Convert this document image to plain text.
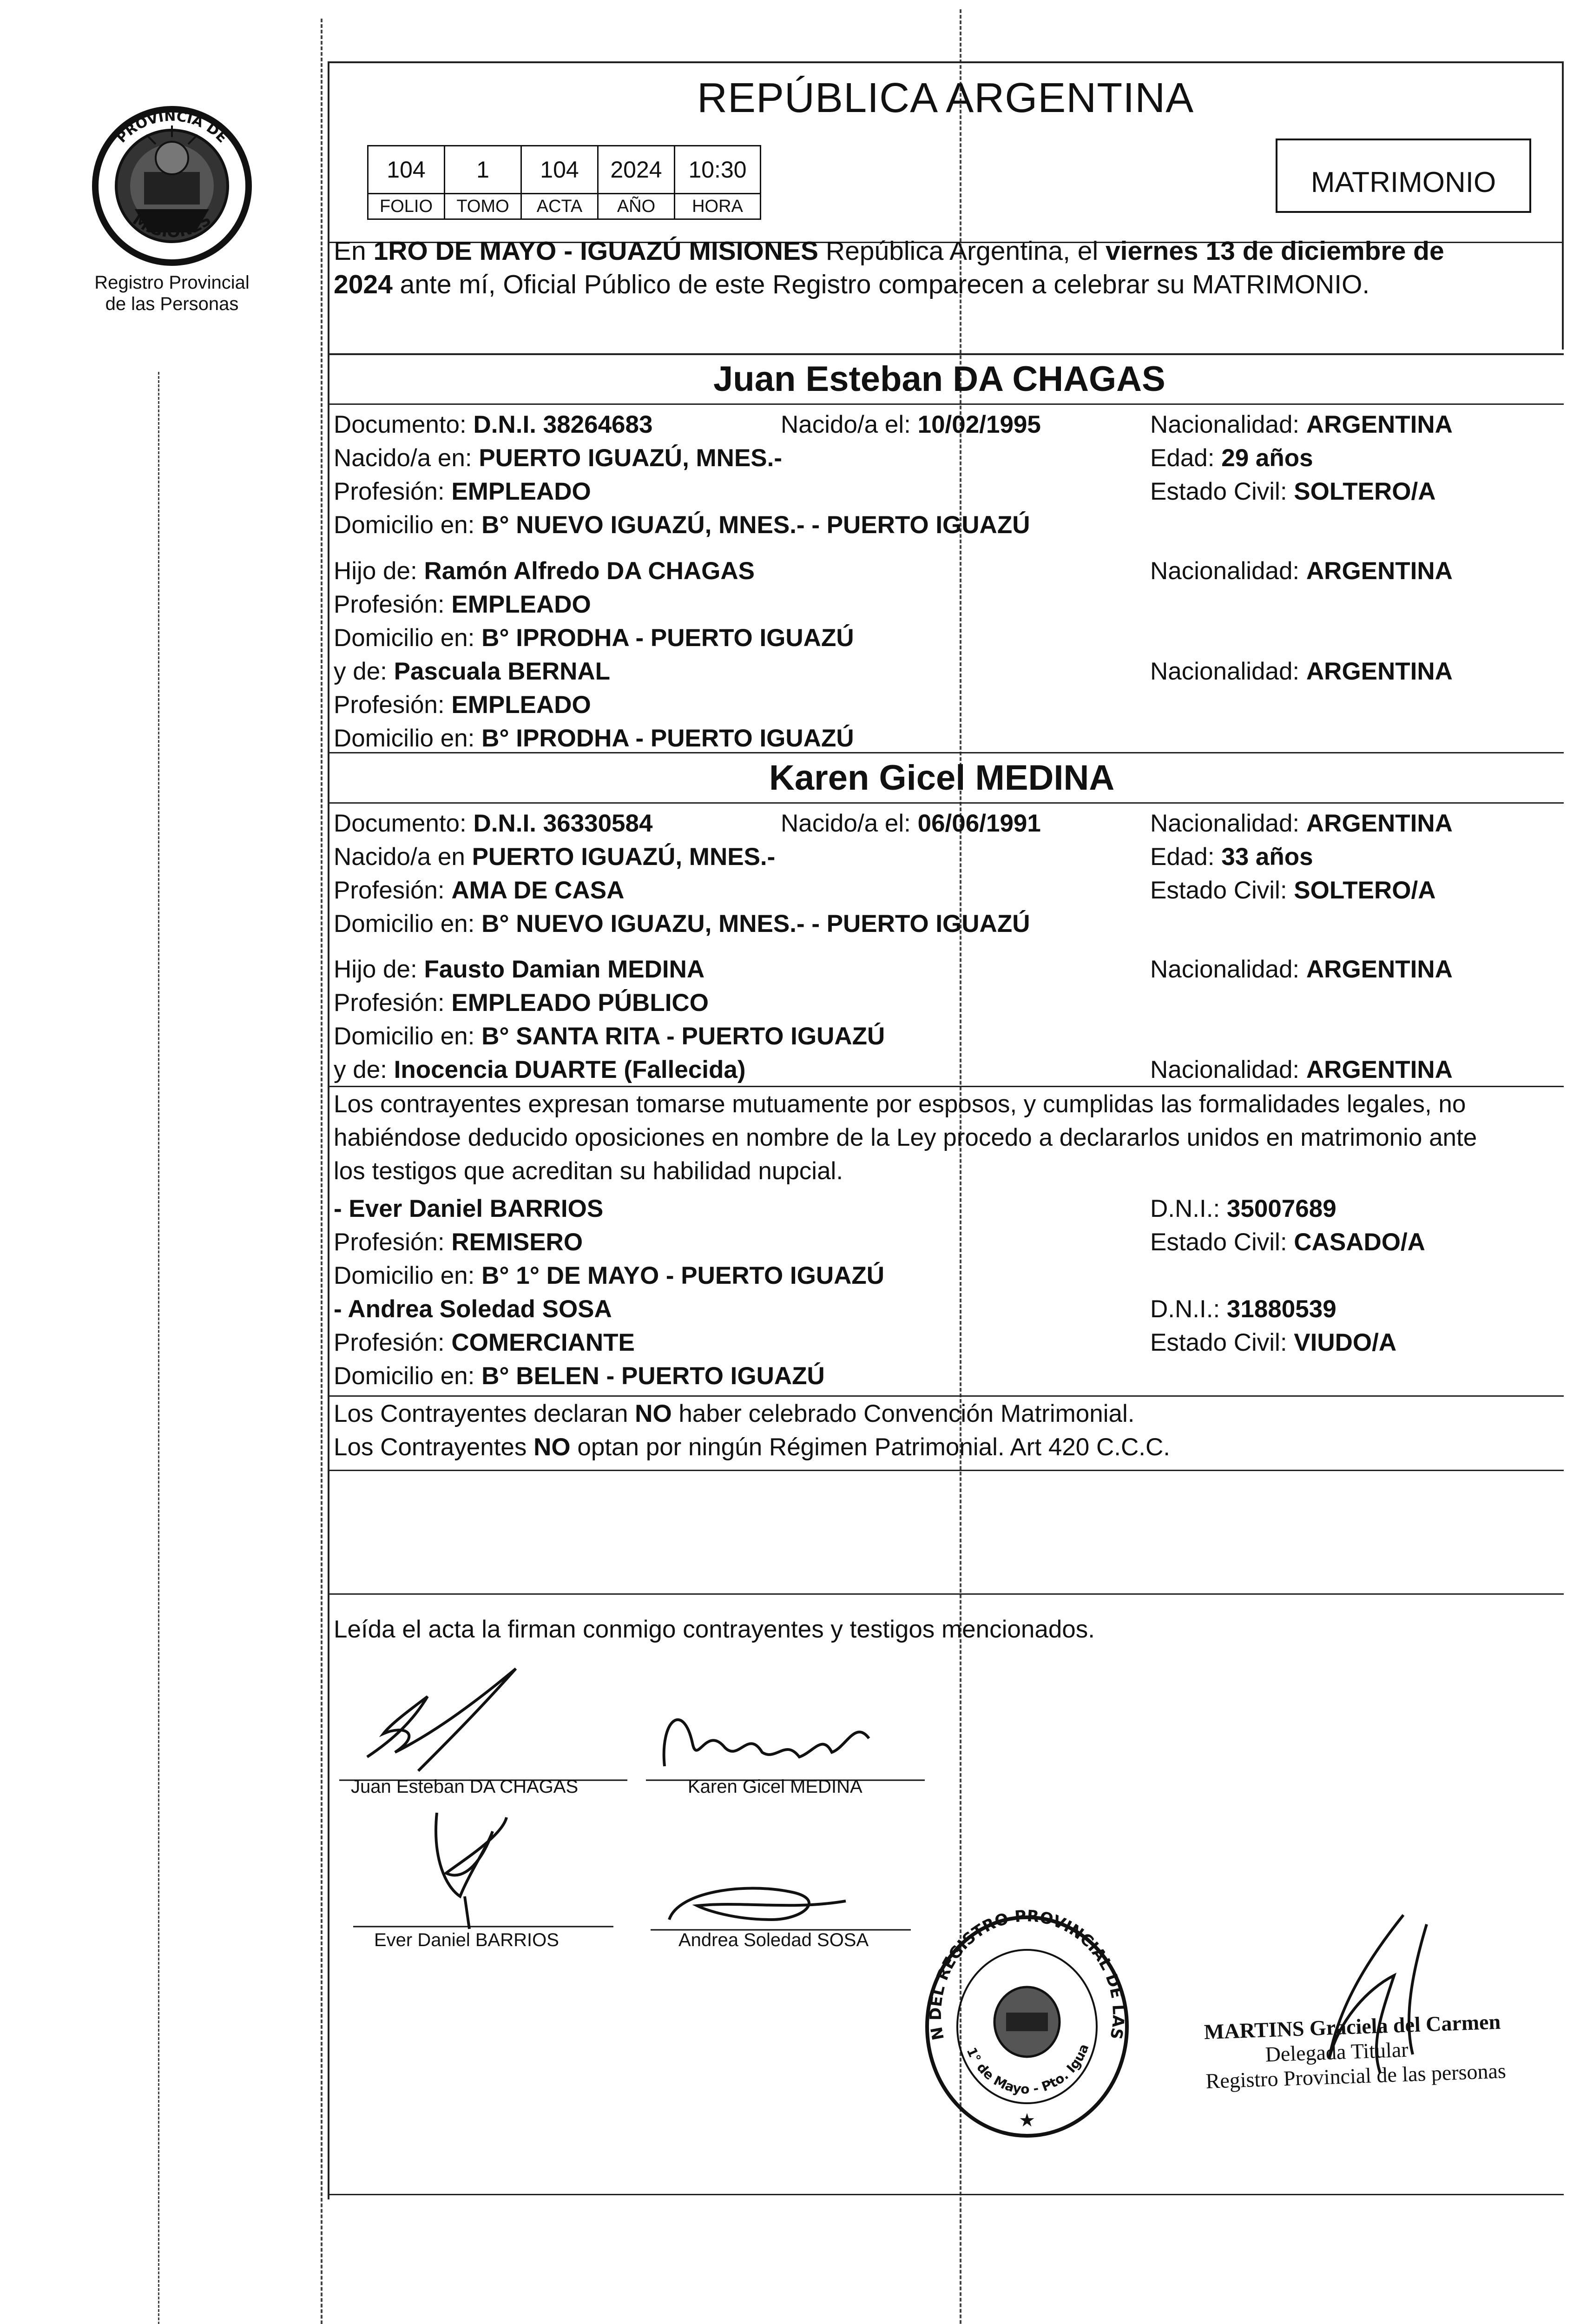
PROVINCIA DE
MISIONES
Registro Provincial
de las Personas
REPÚBLICA ARGENTINA
104	1	104	2024	10:30
FOLIO	TOMO	ACTA	AÑO	HORA
MATRIMONIO
En 1RO DE MAYO - IGUAZÚ MISIONES República Argentina, el viernes 13 de diciembre de
2024 ante mí, Oficial Público de este Registro comparecen a celebrar su MATRIMONIO.
Juan Esteban DA CHAGAS
Documento: D.N.I. 38264683	Nacido/a el: 10/02/1995	Nacionalidad: ARGENTINA
Nacido/a en: PUERTO IGUAZÚ, MNES.-	Edad: 29 años
Profesión: EMPLEADO	Estado Civil: SOLTERO/A
Domicilio en: B° NUEVO IGUAZÚ, MNES.- - PUERTO IGUAZÚ
Hijo de: Ramón Alfredo DA CHAGAS	Nacionalidad: ARGENTINA
Profesión: EMPLEADO
Domicilio en: B° IPRODHA - PUERTO IGUAZÚ
y de: Pascuala BERNAL	Nacionalidad: ARGENTINA
Profesión: EMPLEADO
Domicilio en: B° IPRODHA - PUERTO IGUAZÚ
Karen Gicel MEDINA
Documento: D.N.I. 36330584	Nacido/a el: 06/06/1991	Nacionalidad: ARGENTINA
Nacido/a en PUERTO IGUAZÚ, MNES.-	Edad: 33 años
Profesión: AMA DE CASA	Estado Civil: SOLTERO/A
Domicilio en: B° NUEVO IGUAZU, MNES.- - PUERTO IGUAZÚ
Hijo de: Fausto Damian MEDINA	Nacionalidad: ARGENTINA
Profesión: EMPLEADO PÚBLICO
Domicilio en: B° SANTA RITA - PUERTO IGUAZÚ
y de: Inocencia DUARTE (Fallecida)	Nacionalidad: ARGENTINA
Los contrayentes expresan tomarse mutuamente por esposos, y cumplidas las formalidades legales, no
habiéndose deducido oposiciones en nombre de la Ley procedo a declararlos unidos en matrimonio ante
los testigos que acreditan su habilidad nupcial.
- Ever Daniel BARRIOS	D.N.I.: 35007689
Profesión: REMISERO	Estado Civil: CASADO/A
Domicilio en: B° 1° DE MAYO - PUERTO IGUAZÚ
- Andrea Soledad SOSA	D.N.I.: 31880539
Profesión: COMERCIANTE	Estado Civil: VIUDO/A
Domicilio en: B° BELEN - PUERTO IGUAZÚ
Los Contrayentes declaran NO haber celebrado Convención Matrimonial.
Los Contrayentes NO optan por ningún Régimen Patrimonial. Art 420 C.C.C.
Leída el acta la firman conmigo contrayentes y testigos mencionados.
Juan Esteban DA CHAGAS	Karen Gicel MEDINA
Ever Daniel BARRIOS	Andrea Soledad SOSA
★
N DEL REGISTRO PROVINCIAL DE LAS
1° de Mayo - Pto. Igua
MARTINS Graciela del Carmen
Delegada Titular
Registro Provincial de las personas
